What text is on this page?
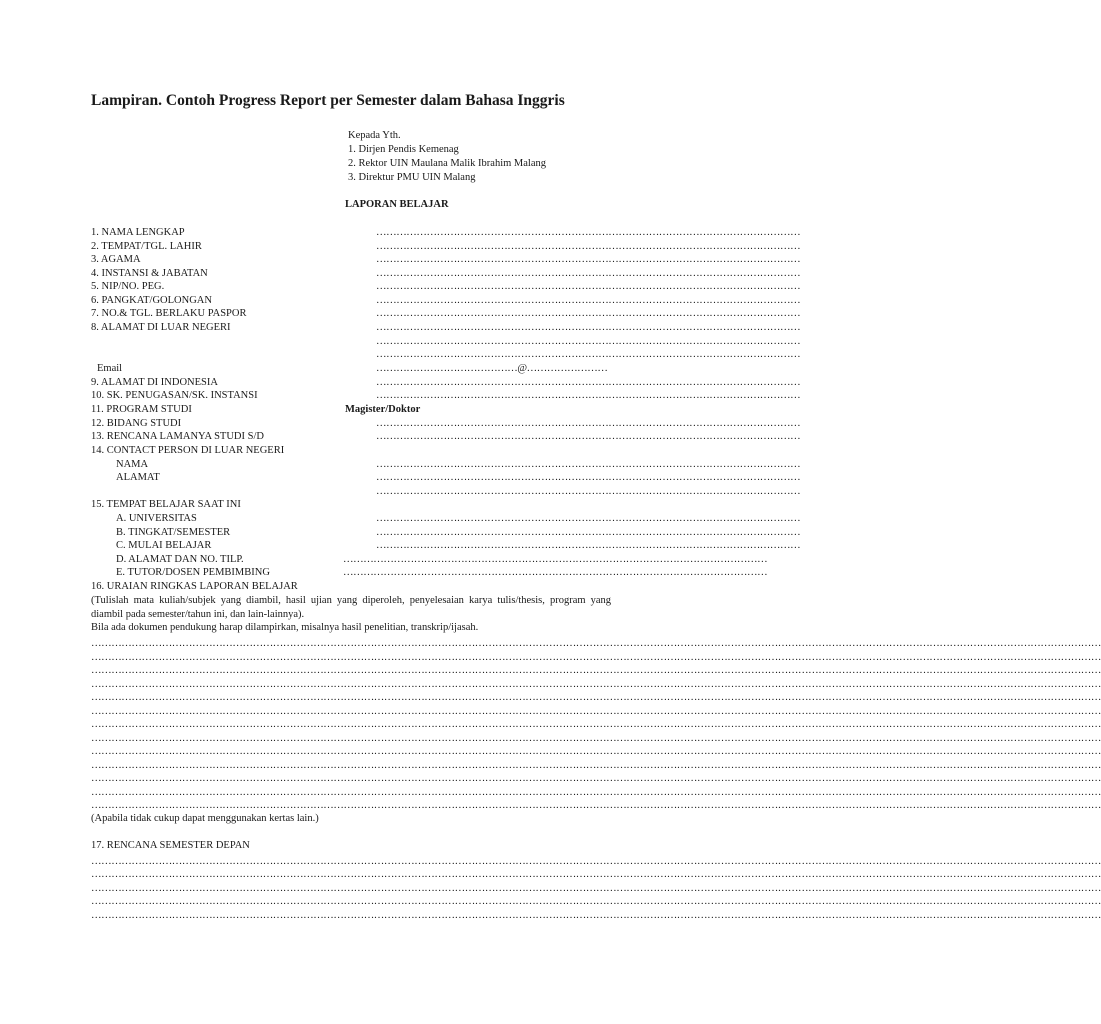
Lampiran. Contoh Progress Report per Semester dalam Bahasa Inggris
Kepada Yth.
1. Dirjen Pendis Kemenag
2. Rektor UIN Maulana Malik Ibrahim Malang
3. Direktur PMU UIN Malang
LAPORAN BELAJAR
1. NAMA LENGKAP
2. TEMPAT/TGL. LAHIR
3. AGAMA
4. INSTANSI & JABATAN
5. NIP/NO. PEG.
6. PANGKAT/GOLONGAN
7. NO.& TGL. BERLAKU PASPOR
8. ALAMAT DI LUAR NEGERI
Email
9. ALAMAT DI INDONESIA
10. SK. PENUGASAN/SK. INSTANSI
11. PROGRAM STUDI
12. BIDANG STUDI
13. RENCANA LAMANYA STUDI S/D
14. CONTACT PERSON DI LUAR NEGERI
NAMA
ALAMAT
15. TEMPAT BELAJAR SAAT INI
A. UNIVERSITAS
B. TINGKAT/SEMESTER
C. MULAI BELAJAR
D. ALAMAT DAN NO. TILP.
E. TUTOR/DOSEN PEMBIMBING
16. URAIAN RINGKAS LAPORAN BELAJAR
………………………………………………………………………………………………………………
………………………………………………………………………………………………………………
………………………………………………………………………………………………………………
………………………………………………………………………………………………………………
………………………………………………………………………………………………………………
………………………………………………………………………………………………………………
………………………………………………………………………………………………………………
………………………………………………………………………………………………………………
………………………………………………………………………………………………………………
………………………………………………………………………………………………………………
……………………………………@……………………
………………………………………………………………………………………………………………
………………………………………………………………………………………………………………
Magister/Doktor
………………………………………………………………………………………………………………
………………………………………………………………………………………………………………
………………………………………………………………………………………………………………
………………………………………………………………………………………………………………
………………………………………………………………………………………………………………
………………………………………………………………………………………………………………
………………………………………………………………………………………………………………
………………………………………………………………………………………………………………
………………………………………………………………………………………………………………
………………………………………………………………………………………………………………
(Tulislah mata kuliah/subjek yang diambil, hasil ujian yang diperoleh, penyelesaian karya tulis/thesis, program yang diambil pada semester/tahun ini, dan lain-lainnya).
Bila ada dokumen pendukung harap dilampirkan, misalnya hasil penelitian, transkrip/ijasah.
…………………………………………………………………………………………………………………………………………………………………………………………………………………………………………………………………………
…………………………………………………………………………………………………………………………………………………………………………………………………………………………………………………………………………
…………………………………………………………………………………………………………………………………………………………………………………………………………………………………………………………………………
…………………………………………………………………………………………………………………………………………………………………………………………………………………………………………………………………………
…………………………………………………………………………………………………………………………………………………………………………………………………………………………………………………………………………
…………………………………………………………………………………………………………………………………………………………………………………………………………………………………………………………………………
…………………………………………………………………………………………………………………………………………………………………………………………………………………………………………………………………………
…………………………………………………………………………………………………………………………………………………………………………………………………………………………………………………………………………
…………………………………………………………………………………………………………………………………………………………………………………………………………………………………………………………………………
…………………………………………………………………………………………………………………………………………………………………………………………………………………………………………………………………………
…………………………………………………………………………………………………………………………………………………………………………………………………………………………………………………………………………
…………………………………………………………………………………………………………………………………………………………………………………………………………………………………………………………………………
…………………………………………………………………………………………………………………………………………………………………………………………………………………………………………………………………………
(Apabila tidak cukup dapat menggunakan kertas lain.)
17. RENCANA SEMESTER DEPAN
…………………………………………………………………………………………………………………………………………………………………………………………………………………………………………………………………………
…………………………………………………………………………………………………………………………………………………………………………………………………………………………………………………………………………
…………………………………………………………………………………………………………………………………………………………………………………………………………………………………………………………………………
…………………………………………………………………………………………………………………………………………………………………………………………………………………………………………………………………………
…………………………………………………………………………………………………………………………………………………………………………………………………………………………………………………………………………
